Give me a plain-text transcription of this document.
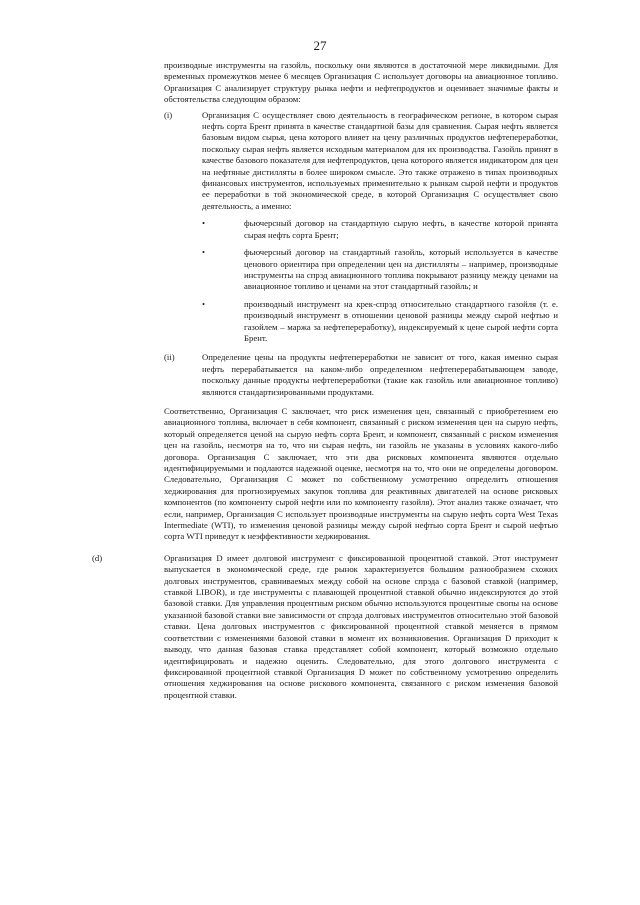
27

производные инструменты на газойль, поскольку они являются в достаточной мере ликвидными. Для временных промежутков менее 6 месяцев Организация С использует договоры на авиационное топливо. Организация С анализирует структуру рынка нефти и нефтепродуктов и оценивает значимые факты и обстоятельства следующим образом:

(i)	Организация С осуществляет свою деятельность в географическом регионе, в котором сырая нефть сорта Брент принята в качестве стандартной базы для сравнения. Сырая нефть является базовым видом сырья, цена которого влияет на цену различных продуктов нефтепереработки, поскольку сырая нефть является исходным материалом для их производства. Газойль принят в качестве базового показателя для нефтепродуктов, цена которого является индикатором для цен на нефтяные дистилляты в более широком смысле. Это также отражено в типах производных финансовых инструментов, используемых применительно к рынкам сырой нефти и продуктов ее переработки в той экономической среде, в которой Организация С осуществляет свою деятельность, а именно:

•	фьючерсный договор на стандартную сырую нефть, в качестве которой принята сырая нефть сорта Брент;
•	фьючерсный договор на стандартный газойль, который используется в качестве ценового ориентира при определении цен на дистилляты – например, производные инструменты на спрэд авиационного топлива покрывают разницу между ценами на авиационное топливо и ценами на этот стандартный газойль; и
•	производный инструмент на крек-спрэд относительно стандартного газойля (т. е. производный инструмент в отношении ценовой разницы между сырой нефтью и газойлем – маржа за нефтепереработку), индексируемый к цене сырой нефти сорта Брент.
(ii)	Определение цены на продукты нефтепереработки не зависит от того, какая именно сырая нефть перерабатывается на каком-либо определенном нефтеперерабатывающем заводе, поскольку данные продукты нефтепереработки (такие как газойль или авиационное топливо) являются стандартизированными продуктами.

Соответственно, Организация С заключает, что риск изменения цен, связанный с приобретением ею авиационного топлива, включает в себя компонент, связанный с риском изменения цен на сырую нефть, который определяется ценой на сырую нефть сорта Брент, и компонент, связанный с риском изменения цен на газойль, несмотря на то, что ни сырая нефть, ни газойль не указаны в условиях какого-либо договора. Организация С заключает, что эти два рисковых компонента являются отдельно идентифицируемыми и подлаются надежной оценке, несмотря на то, что они не определены договором. Следовательно, Организация С может по собственному усмотрению определить отношения хеджирования для прогнозируемых закупок топлива для реактивных двигателей на основе рисковых компонентов (по компоненту сырой нефти или по компоненту газойля). Этот анализ также означает, что если, например, Организация С использует производные инструменты на сырую нефть сорта West Texas Intermediate (WTI), то изменения ценовой разницы между сырой нефтью сорта Брент и сырой нефтью сорта WTI приведут к неэффективности хеджирования.

(d)	Организация D имеет долговой инструмент с фиксированной процентной ставкой. Этот инструмент выпускается в экономической среде, где рынок характеризуется большим разнообразием схожих долговых инструментов, сравниваемых между собой на основе спрэда с базовой ставкой (например, ставкой LIBOR), и где инструменты с плавающей процентной ставкой обычно индексируются до этой базовой ставки. Для управления процентным риском обычно используются процентные свопы на основе указанной базовой ставки вне зависимости от спрэда долговых инструментов относительно этой базовой ставки. Цена долговых инструментов с фиксированной процентной ставкой меняется в прямом соответствии с изменениями базовой ставки в момент их возникновения. Организация D приходит к выводу, что данная базовая ставка представляет собой компонент, который возможно отдельно идентифицировать и надежно оценить. Следовательно, для этого долгового инструмента с фиксированной процентной ставкой Организация D может по собственному усмотрению определить отношения хеджирования на основе рискового компонента, связанного с риском изменения базовой процентной ставки.
